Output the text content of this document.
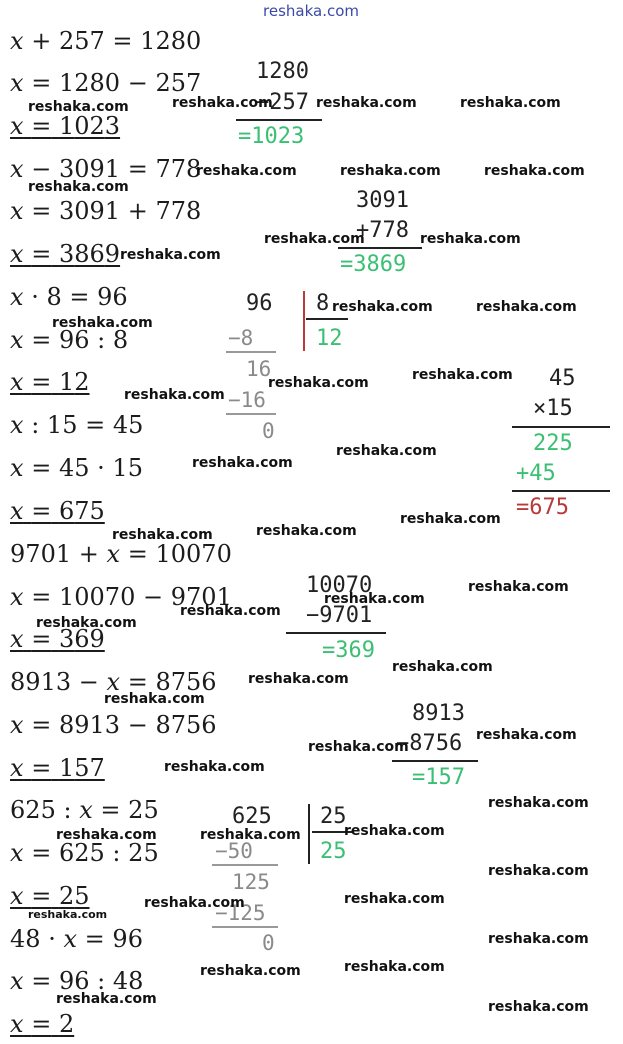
reshaka.com
x + 257 = 1280
x = 1280 − 257
x = 1023
1280
−257
=1023
x − 3091 = 778
x = 3091 + 778
x = 3869
3091
+778
=3869
x · 8 = 96
x = 96 : 8
x = 12
96 8
12
−8
16
−16
0
x : 15 = 45
x = 45 · 15
x = 675
45
×15
225
+45
=675
9701 + x = 10070
x = 10070 − 9701
x = 369
10070
−9701
=369
8913 − x = 8756
x = 8913 − 8756
x = 157
8913
−8756
=157
625 : x = 25
x = 625 : 25
x = 25
625 25
25
−50
125
−125
0
48 · x = 96
x = 96 : 48
x = 2
reshaka.com	reshaka.com	reshaka.com	reshaka.com
reshaka.com
reshaka.com	reshaka.com	reshaka.com
reshaka.com	reshaka.com
reshaka.com
reshaka.com	reshaka.com
reshaka.com
reshaka.com
reshaka.com
reshaka.com
reshaka.com
reshaka.com
reshaka.com
reshaka.com
reshaka.com
reshaka.com
reshaka.com
reshaka.com
reshaka.com
reshaka.com
reshaka.com
reshaka.com
reshaka.com
reshaka.com
reshaka.com
reshaka.com
reshaka.com
reshaka.com
reshaka.com
reshaka.com
reshaka.com
reshaka.com
reshaka.com
reshaka.com
reshaka.com
reshaka.com
reshaka.com	reshaka.com
